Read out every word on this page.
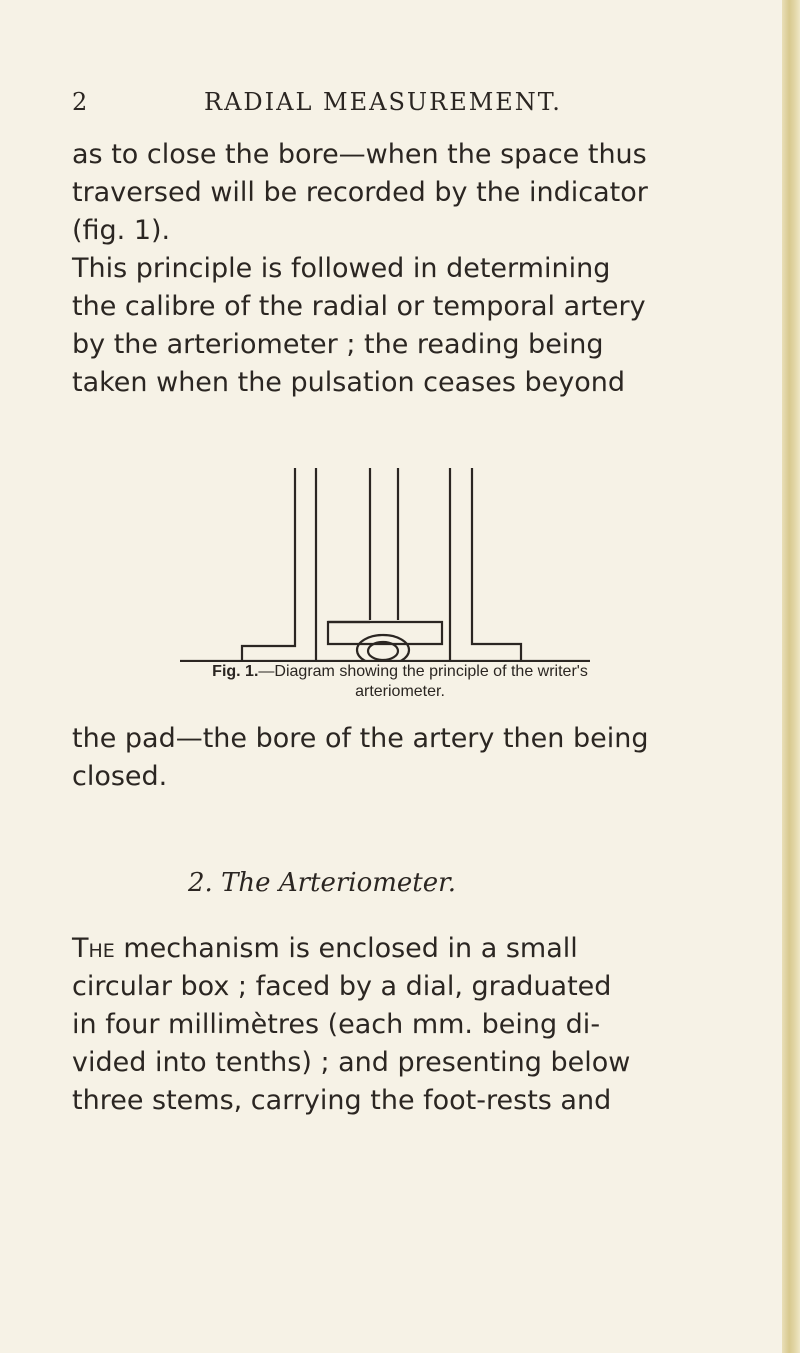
2	RADIAL MEASUREMENT.
as to close the bore—when the space thus
traversed will be recorded by the indicator
(fig. 1).
This principle is followed in determining
the calibre of the radial or temporal artery
by the arteriometer ; the reading being
taken when the pulsation ceases beyond
Fig. 1.—Diagram showing the principle of the writer's
arteriometer.
the pad—the bore of the artery then being
closed.
2. The Arteriometer.
The mechanism is enclosed in a small
circular box ; faced by a dial, graduated
in four millimètres (each mm. being di-
vided into tenths) ; and presenting below
three stems, carrying the foot-rests and
